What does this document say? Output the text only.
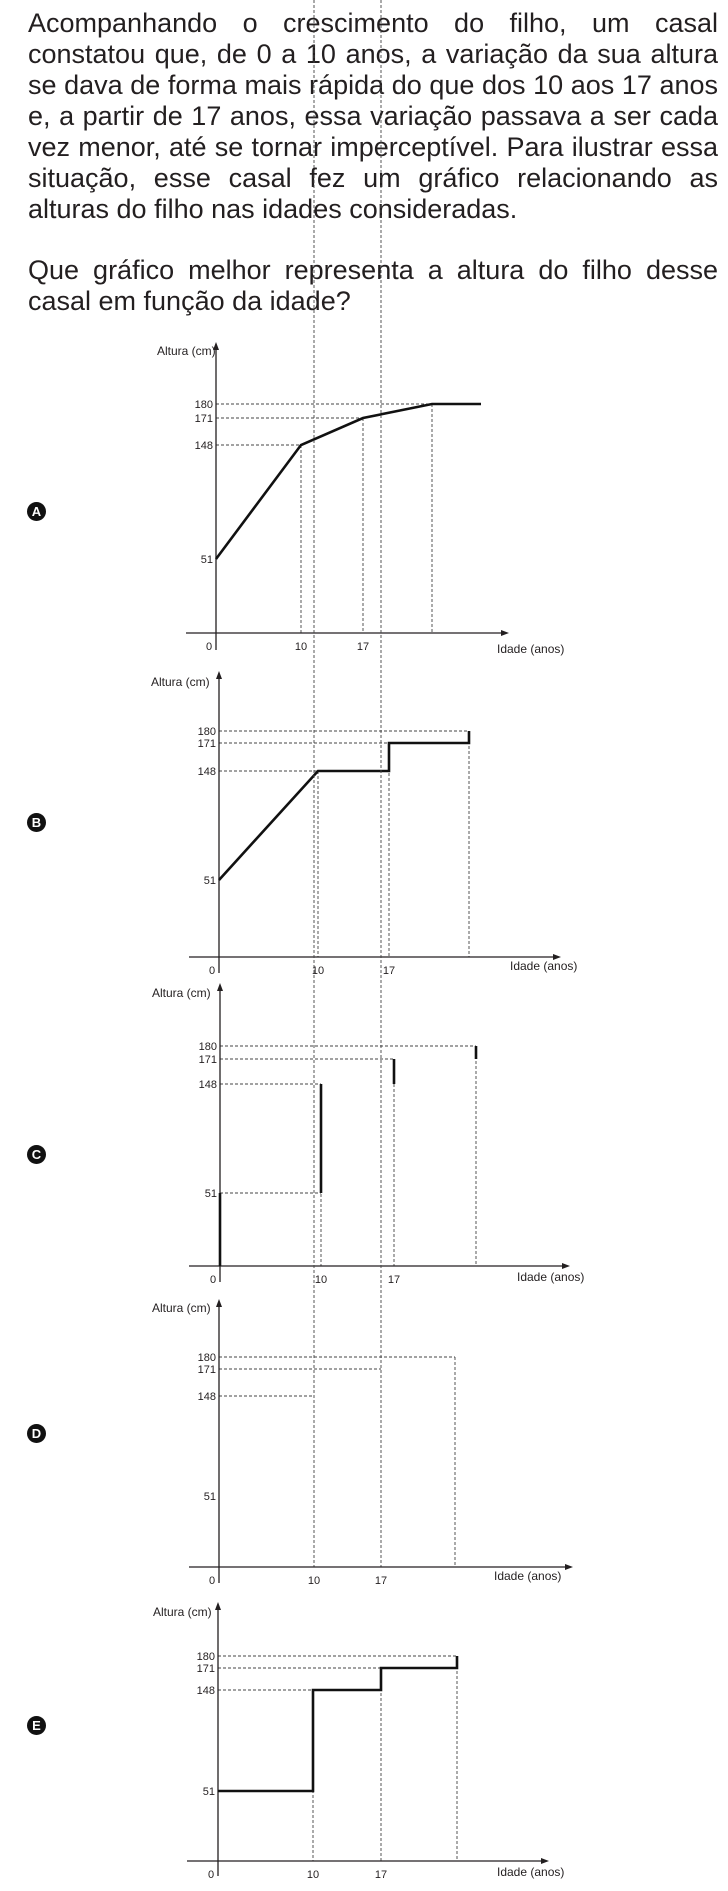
Acompanhando o crescimento do filho, um casal constatou que, de 0 a 10 anos, a variação da sua altura se dava de forma mais rápida do que dos 10 aos 17 anos e, a partir de 17 anos, essa variação passava a ser cada vez menor, até se tornar imperceptível. Para ilustrar essa situação, esse casal fez um gráfico relacionando as alturas do filho nas idades consideradas.

Que gráfico melhor representa a altura do filho desse casal em função da idade?

A
B
C
D
E
Altura (cm)
Idade (anos)
0	10	17
51
148
171
180
Altura (cm)
Idade (anos)
0	10	17
51
148
171
180
Altura (cm)
Idade (anos)
0	10	17
51
148
171
180
Altura (cm)
Idade (anos)
0	10	17
51
148
171
180
Altura (cm)
Idade (anos)
0	10	17
51
148
171
180
